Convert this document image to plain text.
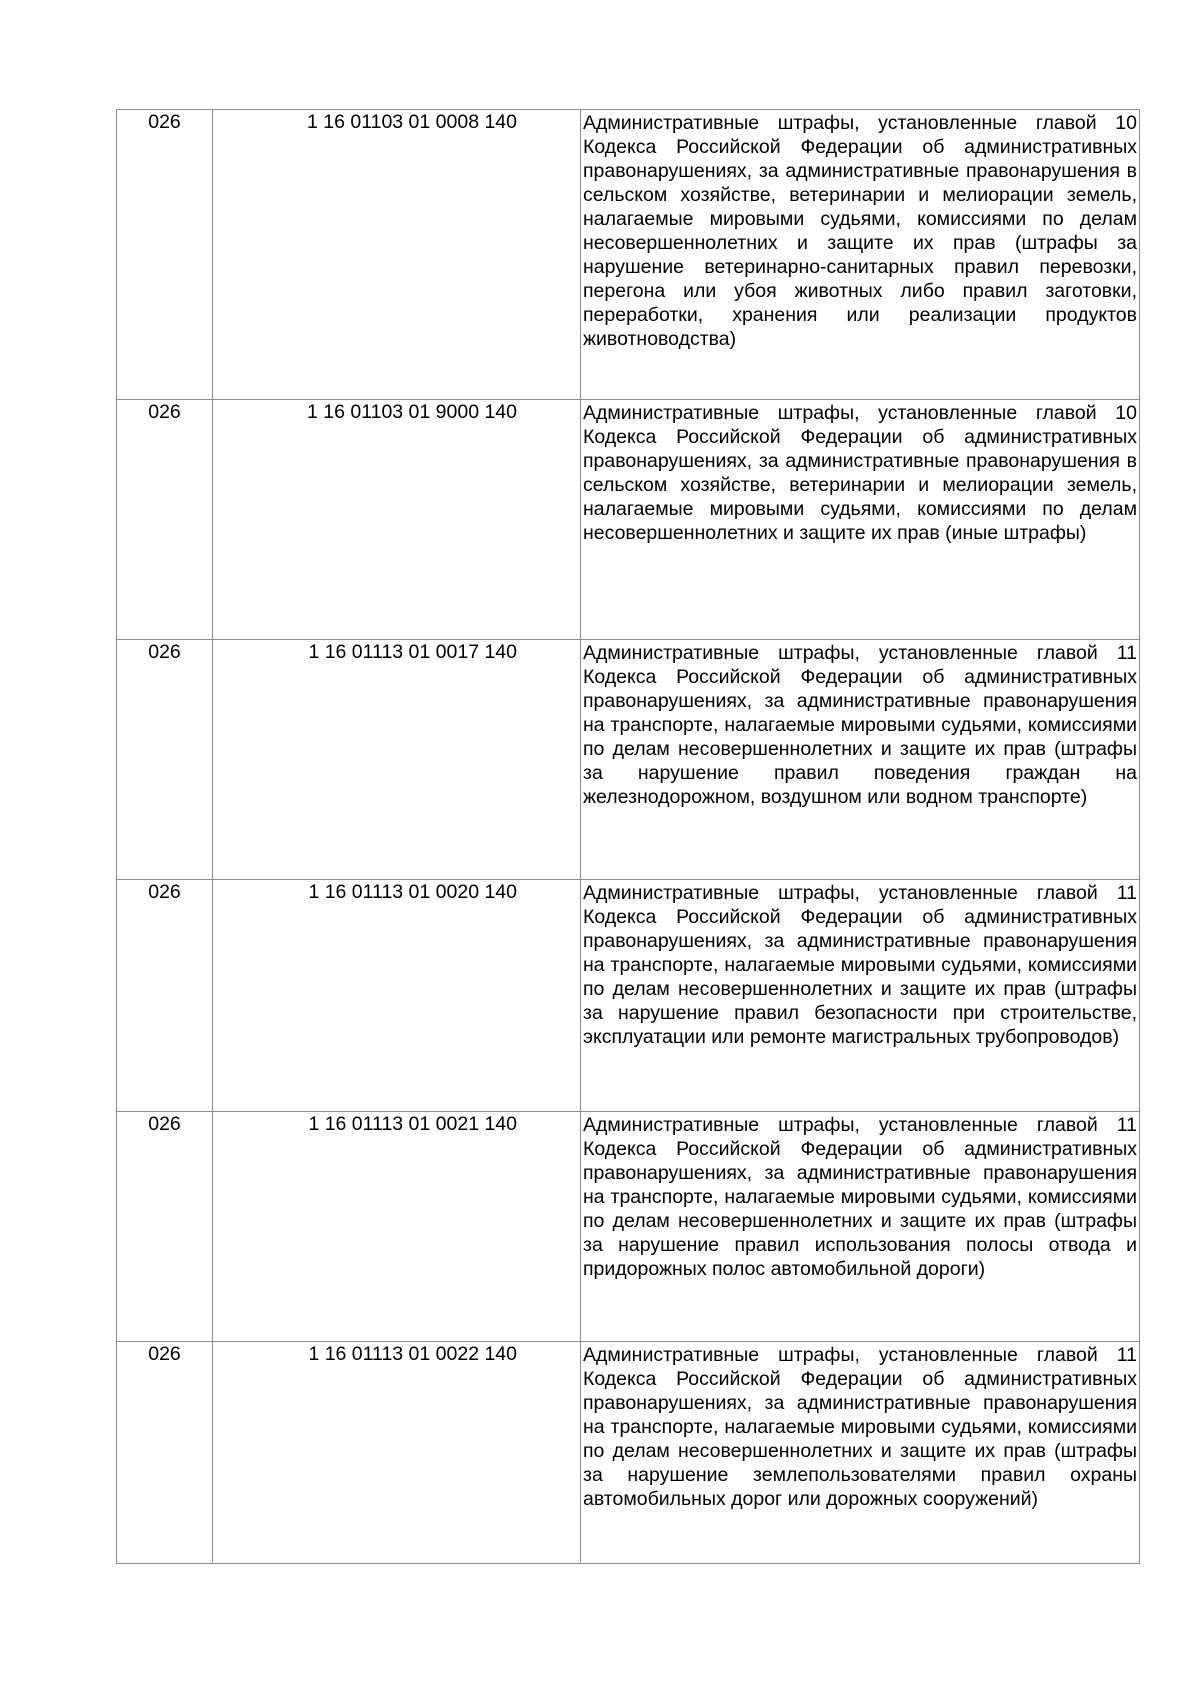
026	1 16 01103 01 0008 140	Административные штрафы, установленные главой 10 Кодекса Российской Федерации об административных правонарушениях, за административные правонарушения в сельском хозяйстве, ветеринарии и мелиорации земель, налагаемые мировыми судьями, комиссиями по делам несовершеннолетних и защите их прав (штрафы за нарушение ветеринарно-санитарных правил перевозки, перегона или убоя животных либо правил заготовки, переработки, хранения или реализации продуктов животноводства)

026	1 16 01103 01 9000 140	Административные штрафы, установленные главой 10 Кодекса Российской Федерации об административных правонарушениях, за административные правонарушения в сельском хозяйстве, ветеринарии и мелиорации земель, налагаемые мировыми судьями, комиссиями по делам несовершеннолетних и защите их прав (иные штрафы)

026	1 16 01113 01 0017 140	Административные штрафы, установленные главой 11 Кодекса Российской Федерации об административных правонарушениях, за административные правонарушения на транспорте, налагаемые мировыми судьями, комиссиями по делам несовершеннолетних и защите их прав (штрафы за нарушение правил поведения граждан на железнодорожном, воздушном или водном транспорте)

026	1 16 01113 01 0020 140	Административные штрафы, установленные главой 11 Кодекса Российской Федерации об административных правонарушениях, за административные правонарушения на транспорте, налагаемые мировыми судьями, комиссиями по делам несовершеннолетних и защите их прав (штрафы за нарушение правил безопасности при строительстве, эксплуатации или ремонте магистральных трубопроводов)

026	1 16 01113 01 0021 140	Административные штрафы, установленные главой 11 Кодекса Российской Федерации об административных правонарушениях, за административные правонарушения на транспорте, налагаемые мировыми судьями, комиссиями по делам несовершеннолетних и защите их прав (штрафы за нарушение правил использования полосы отвода и придорожных полос автомобильной дороги)

026	1 16 01113 01 0022 140	Административные штрафы, установленные главой 11 Кодекса Российской Федерации об административных правонарушениях, за административные правонарушения на транспорте, налагаемые мировыми судьями, комиссиями по делам несовершеннолетних и защите их прав (штрафы за нарушение землепользователями правил охраны автомобильных дорог или дорожных сооружений)
